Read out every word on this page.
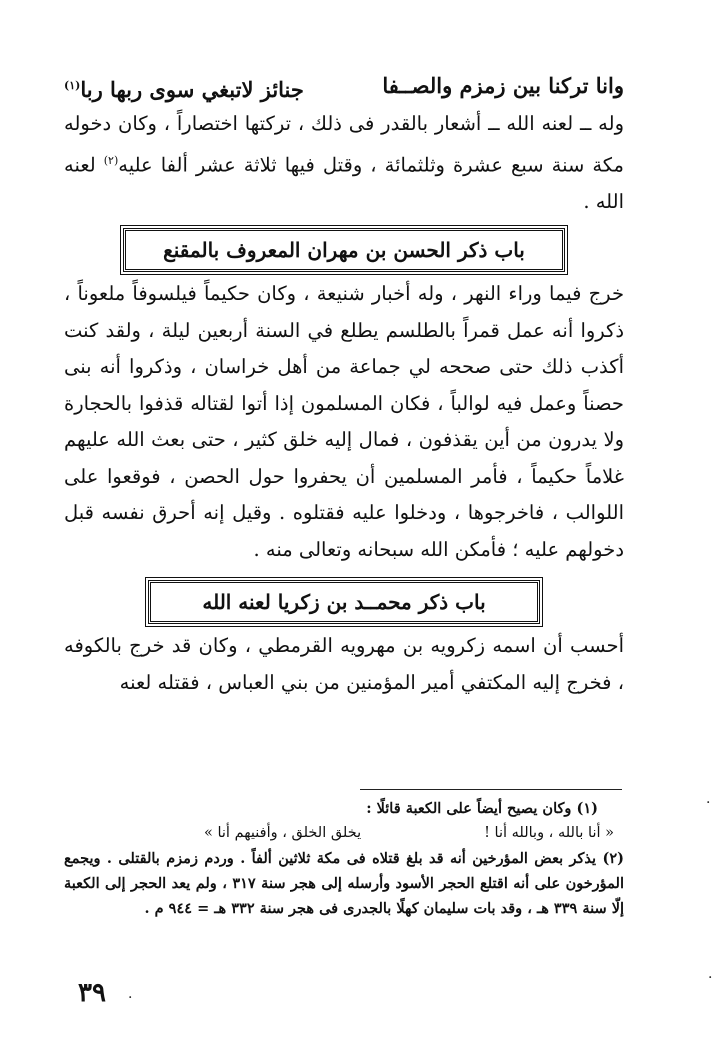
وانا تركنا بين زمزم والصــفا
جنائز لاتبغي سوى ربها ربا$^{(١)}$

وله ــ لعنه الله ــ أشعار بالقدر فى ذلك ، تركتها اختصاراً ، وكان دخوله مكة سنة سبع عشرة وثلثمائة ، وقتل فيها ثلاثة عشر ألفا عليه$^{(٢)}$ لعنه الله .

باب ذكر الحسن بن مهران المعروف بالمقنع

خرج فيما وراء النهر ، وله أخبار شنيعة ، وكان حكيماً فيلسوفاً ملعوناً ، ذكروا أنه عمل قمراً بالطلسم يطلع في السنة أربعين ليلة ، ولقد كنت أكذب ذلك حتى صححه لي جماعة من أهل خراسان ، وذكروا أنه بنى حصناً وعمل فيه لوالباً ، فكان المسلمون إذا أتوا لقتاله قذفوا بالحجارة ولا يدرون من أين يقذفون ، فمال إليه خلق كثير ، حتى بعث الله عليهم غلاماً حكيماً ، فأمر المسلمين أن يحفروا حول الحصن ، فوقعوا على اللوالب ، فاخرجوها ، ودخلوا عليه فقتلوه . وقيل إنه أحرق نفسه قبل دخولهم عليه ؛ فأمكن الله سبحانه وتعالى منه .

باب ذكر محمــد بن زكريا لعنه الله

أحسب أن اسمه زكرويه بن مهرويه القرمطي ، وكان قد خرج بالكوفه ، فخرج إليه المكتفي أمير المؤمنين من بني العباس ، فقتله لعنه

(١) وكان يصيح أيضاً على الكعبة قائلًا :

« أنا بالله ، وبالله أنا !
يخلق الخلق ، وأفنيهم أنا »

(٢) يذكر بعض المؤرخين أنه قد بلغ قتلاه فى مكة ثلاثين ألفاً . وردم زمزم بالقتلى . ويجمع المؤرخون على أنه اقتلع الحجر الأسود وأرسله إلى هجر سنة ٣١٧ ، ولم يعد الحجر إلى الكعبة إلّا سنة ٣٣٩ هـ ، وقد بات سليمان كهلًا بالجدرى فى هجر سنة ٣٣٢ هـ = ٩٤٤ م .

٣٩
·
·
·
